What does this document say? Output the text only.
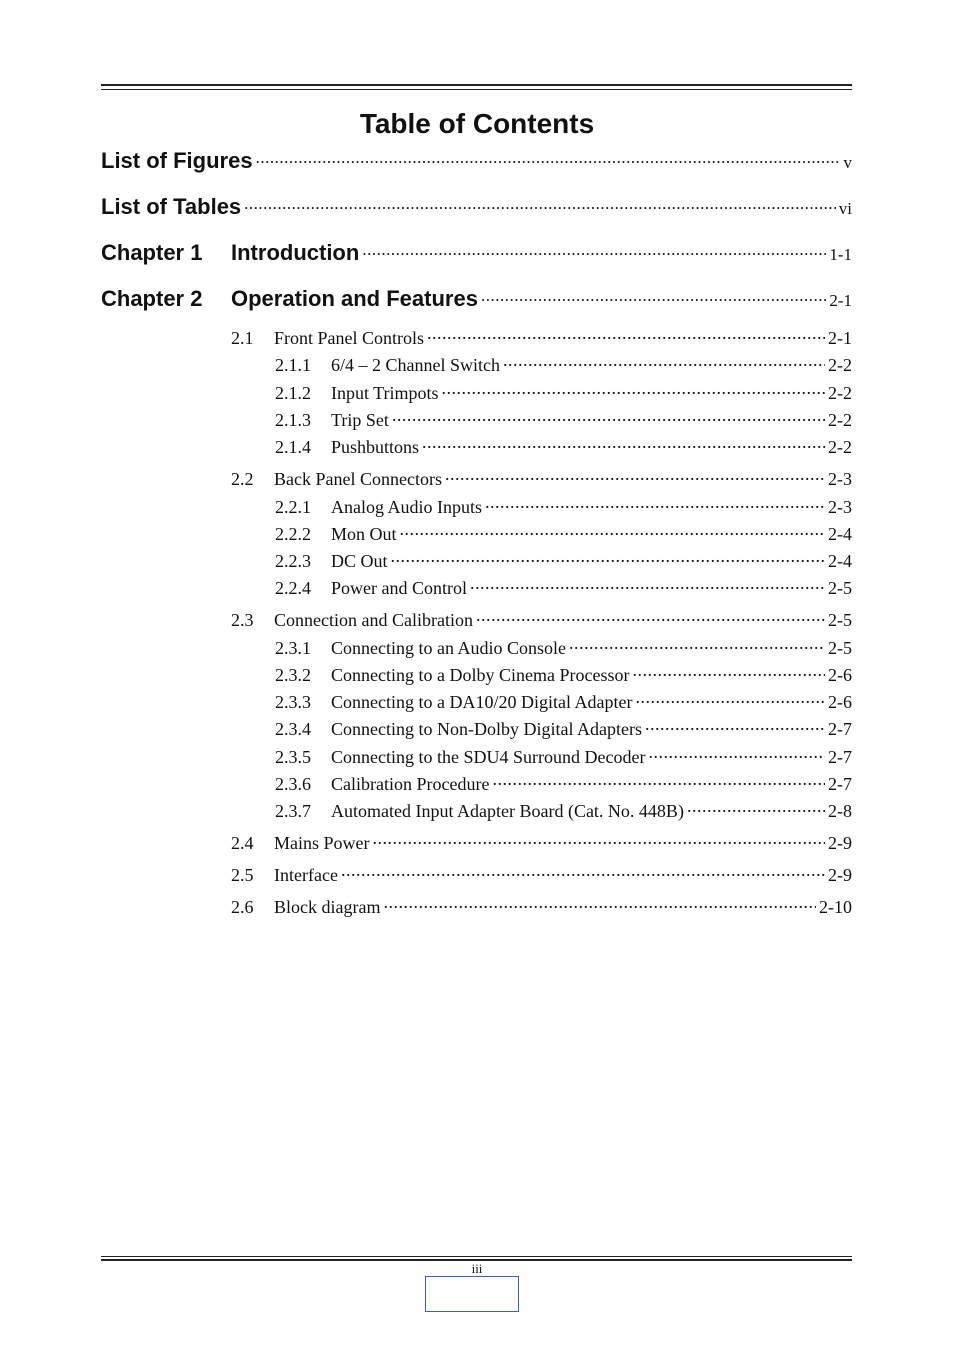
Table of Contents
List of Figures .....	v
List of Tables .....	vi
Chapter 1	Introduction .....	1-1
Chapter 2	Operation and Features .....	2-1
2.1	Front Panel Controls .....	2-1
2.1.1	6/4 – 2 Channel Switch .....	2-2
2.1.2	Input Trimpots .....	2-2
2.1.3	Trip Set .....	2-2
2.1.4	Pushbuttons .....	2-2
2.2	Back Panel Connectors .....	2-3
2.2.1	Analog Audio Inputs .....	2-3
2.2.2	Mon Out .....	2-4
2.2.3	DC Out .....	2-4
2.2.4	Power and Control .....	2-5
2.3	Connection and Calibration .....	2-5
2.3.1	Connecting to an Audio Console .....	2-5
2.3.2	Connecting to a Dolby Cinema Processor .....	2-6
2.3.3	Connecting to a DA10/20 Digital Adapter .....	2-6
2.3.4	Connecting to Non-Dolby Digital Adapters .....	2-7
2.3.5	Connecting to the SDU4 Surround Decoder .....	2-7
2.3.6	Calibration Procedure .....	2-7
2.3.7	Automated Input Adapter Board (Cat. No. 448B) .....	2-8
2.4	Mains Power .....	2-9
2.5	Interface .....	2-9
2.6	Block diagram .....	2-10
iii
